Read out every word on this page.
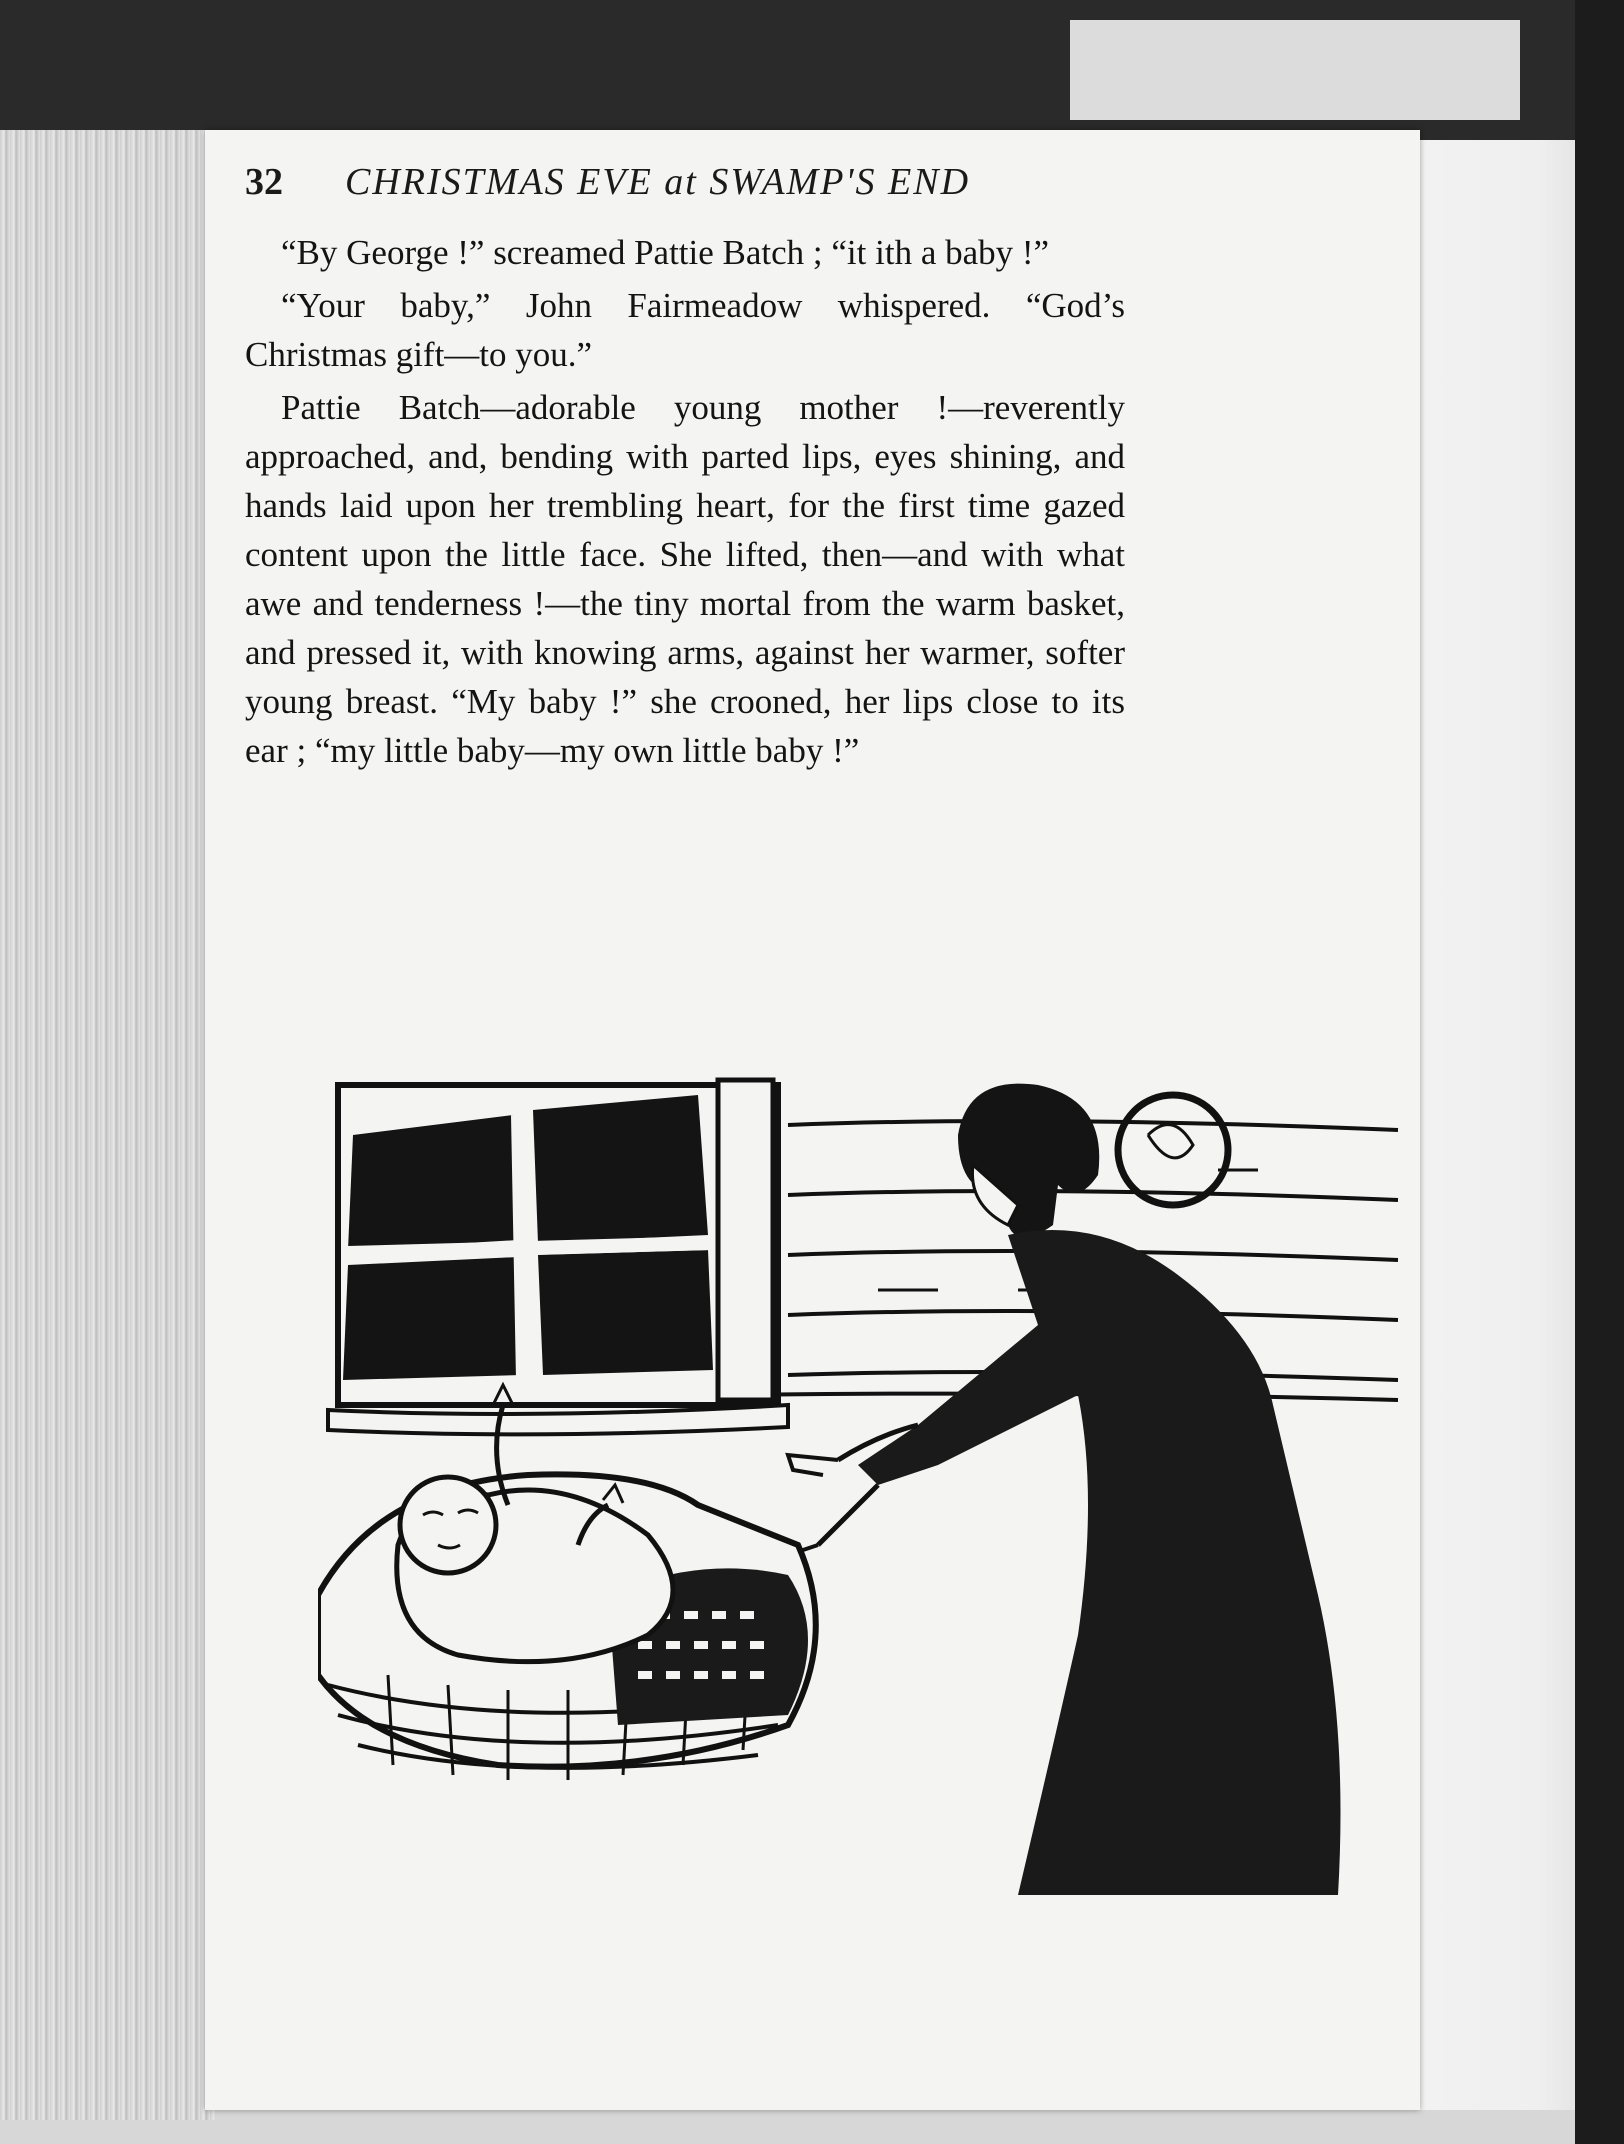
32 CHRISTMAS EVE at SWAMP'S END

“By George !” screamed Pattie Batch ; “it ith a baby !”

“Your baby,” John Fairmeadow whispered. “God’s Christmas gift—to you.”

Pattie Batch—adorable young mother !—reverently approached, and, bending with parted lips, eyes shining, and hands laid upon her trembling heart, for the first time gazed content upon the little face. She lifted, then—and with what awe and tenderness !—the tiny mortal from the warm basket, and pressed it, with knowing arms, against her warmer, softer young breast. “My baby !” she crooned, her lips close to its ear ; “my little baby—my own little baby !”
